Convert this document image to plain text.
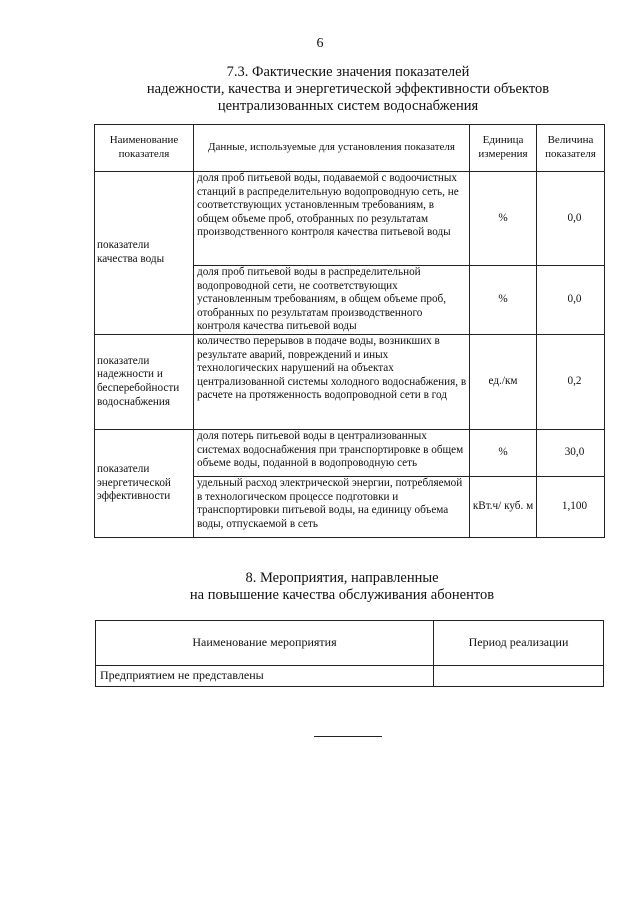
6
7.3. Фактические значения показателей
надежности, качества и энергетической эффективности объектов
централизованных систем водоснабжения
Наименование показателя	Данные, используемые для установления показателя	Единица измерения	Величина показателя
показатели качества воды	доля проб питьевой воды, подаваемой с водоочистных станций в распределительную водопроводную сеть, не соответствующих установленным требованиям, в общем объеме проб, отобранных по результатам производственного контроля качества питьевой воды	%	0,0
	доля проб питьевой воды в распределительной водопроводной сети, не соответствующих установленным требованиям, в общем объеме проб, отобранных по результатам производственного контроля качества питьевой воды	%	0,0
показатели надежности и бесперебойности водоснабжения	количество перерывов в подаче воды, возникших в результате аварий, повреждений и иных технологических нарушений на объектах централизованной системы холодного водоснабжения, в расчете на протяженность водопроводной сети в год	ед./км	0,2
показатели энергетической эффективности	доля потерь питьевой воды в централизованных системах водоснабжения при транспортировке в общем объеме воды, поданной в водопроводную сеть	%	30,0
	удельный расход электрической энергии, потребляемой в технологическом процессе подготовки и транспортировки питьевой воды, на единицу объема воды, отпускаемой в сеть	кВт.ч/ куб. м	1,100
8. Мероприятия, направленные
на повышение качества обслуживания абонентов
Наименование мероприятия	Период реализации
Предприятием не представлены	
